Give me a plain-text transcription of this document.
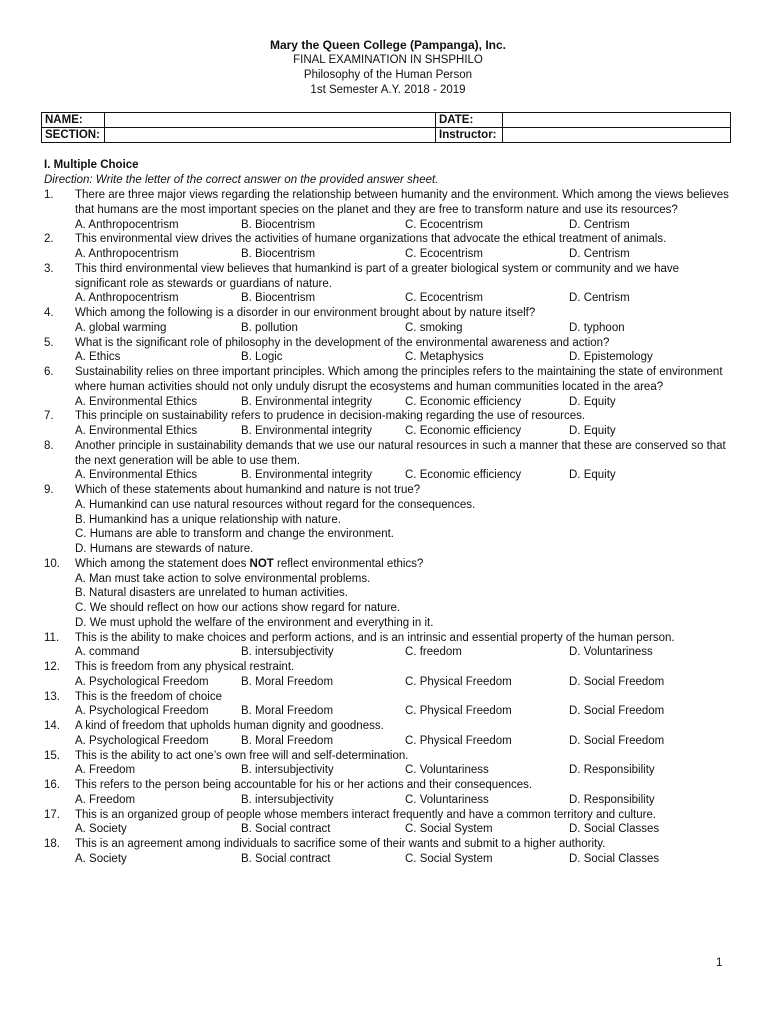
Mary the Queen College (Pampanga), Inc.
FINAL EXAMINATION IN SHSPHILO
Philosophy of the Human Person
1st Semester A.Y. 2018 - 2019
NAME:		DATE:	
SECTION:		Instructor:	
I. Multiple Choice
Direction: Write the letter of the correct answer on the provided answer sheet.
1.	There are three major views regarding the relationship between humanity and the environment. Which among the views believes that humans are the most important species on the planet and they are free to transform nature and use its resources?
A. Anthropocentrism	B. Biocentrism	C. Ecocentrism	D. Centrism
2.	This environmental view drives the activities of humane organizations that advocate the ethical treatment of animals.
A. Anthropocentrism	B. Biocentrism	C. Ecocentrism	D. Centrism
3.	This third environmental view believes that humankind is part of a greater biological system or community and we have significant role as stewards or guardians of nature.
A. Anthropocentrism	B. Biocentrism	C. Ecocentrism	D. Centrism
4.	Which among the following is a disorder in our environment brought about by nature itself?
A. global warming	B. pollution	C. smoking	D. typhoon
5.	What is the significant role of philosophy in the development of the environmental awareness and action?
A. Ethics	B. Logic	C. Metaphysics	D. Epistemology
6.	Sustainability relies on three important principles. Which among the principles refers to the maintaining the state of environment where human activities should not only unduly disrupt the ecosystems and human communities located in the area?
A. Environmental Ethics	B. Environmental integrity	C. Economic efficiency	D. Equity
7.	This principle on sustainability refers to prudence in decision-making regarding the use of resources.
A. Environmental Ethics	B. Environmental integrity	C. Economic efficiency	D. Equity
8.	Another principle in sustainability demands that we use our natural resources in such a manner that these are conserved so that the next generation will be able to use them.
A. Environmental Ethics	B. Environmental integrity	C. Economic efficiency	D. Equity
9.	Which of these statements about humankind and nature is not true?
A. Humankind can use natural resources without regard for the consequences.
B. Humankind has a unique relationship with nature.
C. Humans are able to transform and change the environment.
D. Humans are stewards of nature.
10.	Which among the statement does NOT reflect environmental ethics?
A. Man must take action to solve environmental problems.
B. Natural disasters are unrelated to human activities.
C. We should reflect on how our actions show regard for nature.
D. We must uphold the welfare of the environment and everything in it.
11.	This is the ability to make choices and perform actions, and is an intrinsic and essential property of the human person.
A. command	B. intersubjectivity	C. freedom	D. Voluntariness
12.	This is freedom from any physical restraint.
A. Psychological Freedom	B. Moral Freedom	C. Physical Freedom	D. Social Freedom
13.	This is the freedom of choice
A. Psychological Freedom	B. Moral Freedom	C. Physical Freedom	D. Social Freedom
14.	A kind of freedom that upholds human dignity and goodness.
A. Psychological Freedom	B. Moral Freedom	C. Physical Freedom	D. Social Freedom
15.	This is the ability to act one’s own free will and self-determination.
A. Freedom	B. intersubjectivity	C. Voluntariness	D. Responsibility
16.	This refers to the person being accountable for his or her actions and their consequences.
A. Freedom	B. intersubjectivity	C. Voluntariness	D. Responsibility
17.	This is an organized group of people whose members interact frequently and have a common territory and culture.
A. Society	B. Social contract	C. Social System	D. Social Classes
18.	This is an agreement among individuals to sacrifice some of their wants and submit to a higher authority.
A. Society	B. Social contract	C. Social System	D. Social Classes
1
